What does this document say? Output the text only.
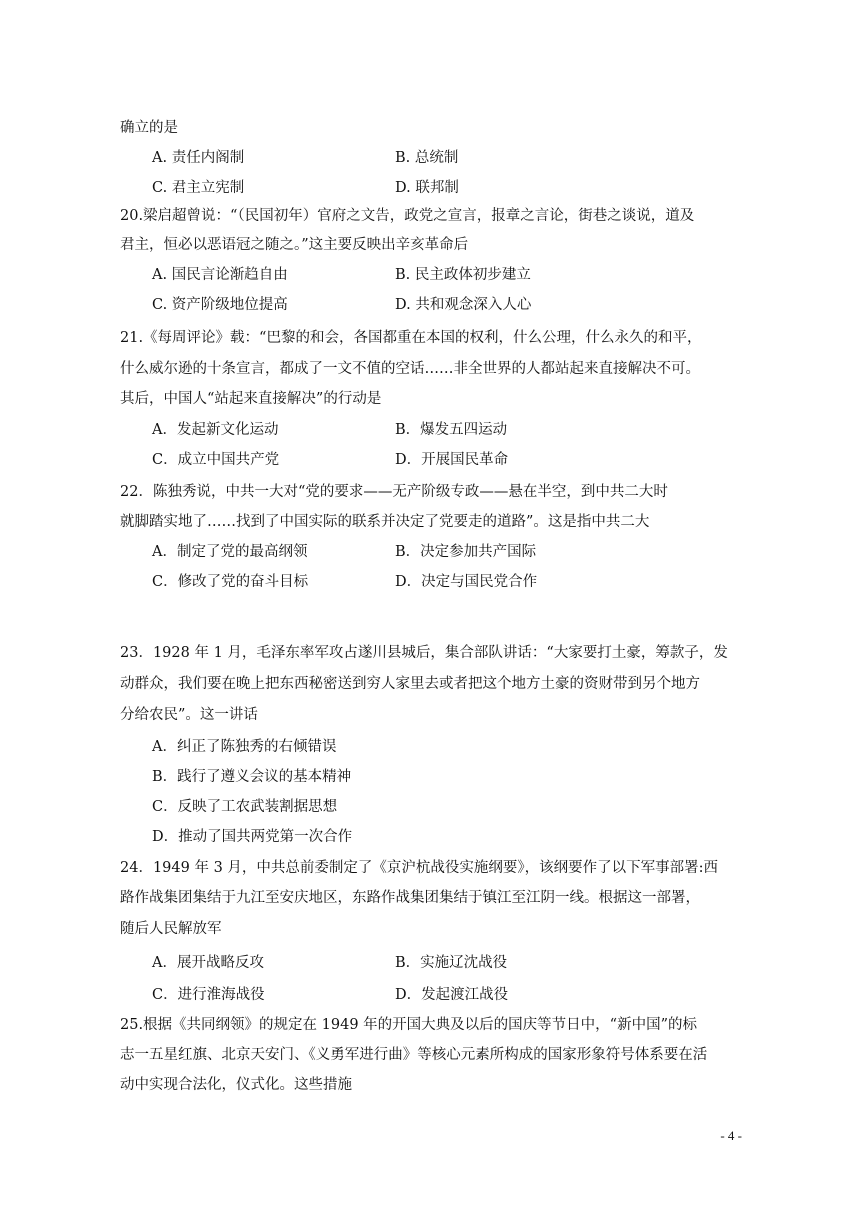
确立的是
A. 责任内阁制	B. 总统制
C. 君主立宪制	D. 联邦制
20.梁启超曾说：“（民国初年）官府之文告，政党之宣言，报章之言论，街巷之谈说，道及
君主，恒必以恶语冠之随之。”这主要反映出辛亥革命后
A. 国民言论渐趋自由	B. 民主政体初步建立
C. 资产阶级地位提高	D. 共和观念深入人心
21.《每周评论》载：“巴黎的和会，各国都重在本国的权利，什么公理，什么永久的和平，
什么威尔逊的十条宣言，都成了一文不值的空话……非全世界的人都站起来直接解决不可。
其后，中国人“站起来直接解决”的行动是
A．发起新文化运动	B．爆发五四运动
C．成立中国共产党	D．开展国民革命
22．陈独秀说，中共一大对“党的要求——无产阶级专政——悬在半空，到中共二大时
就脚踏实地了……找到了中国实际的联系并决定了党要走的道路”。这是指中共二大
A．制定了党的最高纲领	B．决定参加共产国际
C．修改了党的奋斗目标	D．决定与国民党合作
23．1928 年 1 月，毛泽东率军攻占遂川县城后，集合部队讲话：“大家要打土豪，筹款子，发
动群众，我们要在晚上把东西秘密送到穷人家里去或者把这个地方土豪的资财带到另个地方
分给农民”。这一讲话
A．纠正了陈独秀的右倾错误
B．践行了遵义会议的基本精神
C．反映了工农武装割据思想
D．推动了国共两党第一次合作
24．1949 年 3 月，中共总前委制定了《京沪杭战役实施纲要》，该纲要作了以下军事部署:西
路作战集团集结于九江至安庆地区，东路作战集团集结于镇江至江阴一线。根据这一部署，
随后人民解放军
A．展开战略反攻	B．实施辽沈战役
C．进行淮海战役	D．发起渡江战役
25.根据《共同纲领》的规定在 1949 年的开国大典及以后的国庆等节日中，“新中国”的标
志一五星红旗、北京天安门、《义勇军进行曲》等核心元素所构成的国家形象符号体系要在活
动中实现合法化，仪式化。这些措施
- 4 -
